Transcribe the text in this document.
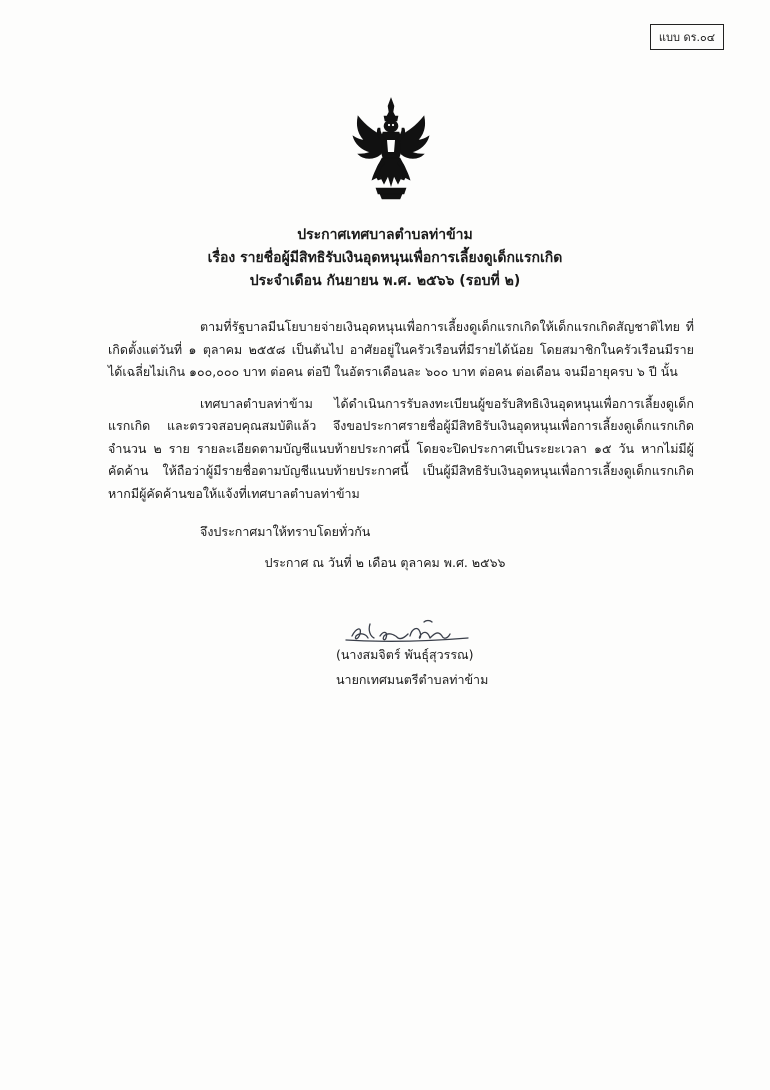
แบบ ดร.๐๔
ประกาศเทศบาลตำบลท่าข้าม
เรื่อง รายชื่อผู้มีสิทธิรับเงินอุดหนุนเพื่อการเลี้ยงดูเด็กแรกเกิด
ประจำเดือน กันยายน พ.ศ. ๒๕๖๖ (รอบที่ ๒)

ตามที่รัฐบาลมีนโยบายจ่ายเงินอุดหนุนเพื่อการเลี้ยงดูเด็กแรกเกิดให้เด็กแรกเกิดสัญชาติไทย ที่เกิดตั้งแต่วันที่ ๑ ตุลาคม ๒๕๕๘ เป็นต้นไป อาศัยอยู่ในครัวเรือนที่มีรายได้น้อย โดยสมาชิกในครัวเรือนมีรายได้เฉลี่ยไม่เกิน ๑๐๐,๐๐๐ บาท ต่อคน ต่อปี ในอัตราเดือนละ ๖๐๐ บาท ต่อคน ต่อเดือน จนมีอายุครบ ๖ ปี นั้น

เทศบาลตำบลท่าข้าม ได้ดำเนินการรับลงทะเบียนผู้ขอรับสิทธิเงินอุดหนุนเพื่อการเลี้ยงดูเด็กแรกเกิด และตรวจสอบคุณสมบัติแล้ว จึงขอประกาศรายชื่อผู้มีสิทธิรับเงินอุดหนุนเพื่อการเลี้ยงดูเด็กแรกเกิด จำนวน ๒ ราย รายละเอียดตามบัญชีแนบท้ายประกาศนี้ โดยจะปิดประกาศเป็นระยะเวลา ๑๕ วัน หากไม่มีผู้คัดค้าน ให้ถือว่าผู้มีรายชื่อตามบัญชีแนบท้ายประกาศนี้ เป็นผู้มีสิทธิรับเงินอุดหนุนเพื่อการเลี้ยงดูเด็กแรกเกิด หากมีผู้คัดค้านขอให้แจ้งที่เทศบาลตำบลท่าข้าม

จึงประกาศมาให้ทราบโดยทั่วกัน
ประกาศ ณ วันที่ ๒ เดือน ตุลาคม พ.ศ. ๒๕๖๖
(นางสมจิตร์ พันธุ์สุวรรณ)
นายกเทศมนตรีตำบลท่าข้าม
